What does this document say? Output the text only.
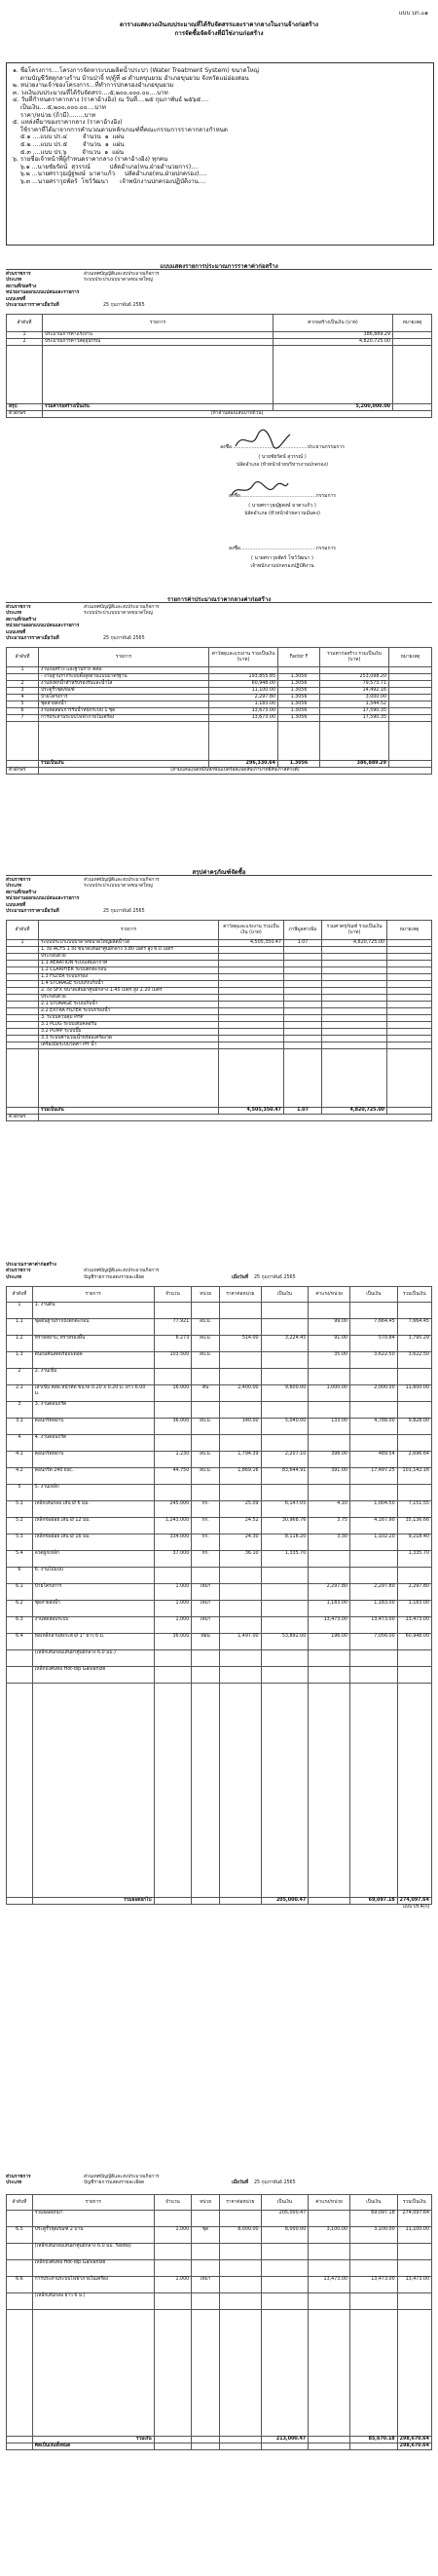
แบบ บก.๐๑
ตารางแสดงวงเงินงบประมาณที่ได้รับจัดสรรและราคากลางในงานจ้างก่อสร้าง
การจัดซื้อจัดจ้างที่มิใช่งานก่อสร้าง
๑. ชื่อโครงการ....โครงการจัดหาระบบผลิตน้ำประปา (Water Treatment System) ขนาดใหญ่
ตามบัญชีวัสดุกลางร้าน บ้านป่าจิ้ ท/ตู้ที่ ๘ ตำบลขุนยวม อำเภอขุนยวม จังหวัดแม่ฮ่องสอน
๒. หน่วยงานเจ้าของโครงการ...ที่ทำการปกครองอำเภอขุนยวม
๓. วงเงินงบประมาณที่ได้รับจัดสรร....๕,๒๐๐,๐๐๐.๐๐....บาท
๔. วันที่กำหนดราคากลาง (ราคาอ้างอิง) ณ วันที่....๒๕ กุมภาพันธ์ ๒๕๖๕....
เป็นเงิน....๕,๒๐๐,๐๐๐.๐๐....บาท
ราคา/หน่วย (ถ้ามี)........บาท
๕. แหล่งที่มาของราคากลาง (ราคาอ้างอิง)
ใช้ราคาที่ได้มาจากการคำนวณตามหลักเกณฑ์ที่คณะกรรมการราคากลางกำหนด
๕.๑ ....แบบ ปร.๔        จำนวน  ๑  แผ่น
๕.๒ ....แบบ ปร.๕        จำนวน  ๑  แผ่น
๕.๓ ....แบบ ปร.๖        จำนวน  ๑  แผ่น
๖. รายชื่อเจ้าหน้าที่ผู้กำหนดราคากลาง (ราคาอ้างอิง) ทุกคน
๖.๑ ...นายชัยรัตน์  สุวรรณ์          ปลัดอำเภอ(หน.ฝ่ายอำนวยการ)....
๖.๒ ...นายศราวุธญัฐพงษ์  มาตาแก้ว     ปลัดอำเภอ(หน.ฝ่ายปกครอง)....
๖.๓ ...นายศราวุธพัตร์  โชว์วัฒนา      เจ้าพนักงานปกครองปฏิบัติงาน....
แบบแสดงรายการประมาณการราคาค่าก่อสร้าง
ส่วนราชการ	ส่วนเทศบัญญัติและงบประมาณกิจการ
ประเภท	ระบบประปาแบบบาดาลขนาดใหญ่
สถานที่ก่อสร้าง
หน่วยงานออกแบบแปลนและรายการ
แบบเลขที่
ประมาณการราคาเมื่อวันที่	25 กุมภาพันธ์ 2565
ลำดับที่	รายการ	ค่าก่อสร้างเป็นเงิน (บาท)	หมายเหตุ
1	ประมาณการค่าแรงงาน	386,889.29	
2	ประมาณการค่าวัสดุอุปกรณ์	4,820,725.00	

สรุป	รวมค่าก่อสร้างเป็นเงิน	5,200,000.00	
ตัวอักษร	(ห้าล้านสองแสนบาทถ้วน)		
ลงชื่อ.................................................ประธานกรรมการ
( นายชัยรัตน์ สุวรรณ์ )
ปลัดอำเภอ (หัวหน้าฝ่ายบริหารงานปกครอง)
ลงชื่อ.................................................กรรมการ
( นายศราวุธญัฐพงษ์ มาตาแก้ว )
ปลัดอำเภอ (หัวหน้าฝ่ายความมั่นคง)
ลงชื่อ.................................................กรรมการ
( นายศราวุธพัตร์ โชว์วัฒนา )
เจ้าพนักงานปกครองปฏิบัติงาน
รายการค่าประมาณราคากลางค่าก่อสร้าง
ส่วนราชการ	ส่วนเทศบัญญัติและงบประมาณกิจการ
ประเภท	ระบบประปาแบบบาดาลขนาดใหญ่
สถานที่ก่อสร้าง
หน่วยงานออกแบบแปลนและรายการ
แบบเลขที่
ประมาณการราคาเมื่อวันที่	25 กุมภาพันธ์ 2565
ลำดับที่	รายการ	ค่าวัสดุและแรงงาน รวมเป็นเงิน (บาท)	Factor F	รวมค่าก่อสร้าง รวมเป็นเงิน (บาท)	หมายเหตุ
1	งานก่อสร้าง และฐานราก คสล.				
	- งานฐานรากระบบตั้งสูงตามแบบมาตรฐาน	193,855.85	1.3056	253,098.20	
2	งานถังพักน้ำสำหรับรองรับและน้ำใส	60,948.00	1.3056	79,573.71	
3	ประตูรั้วชุดภัณฑ์	11,100.00	1.3056	14,492.16	
4	ป้ายโครงการ	2,297.80	1.3056	3,000.00	
5	ชุดสายส่งน้ำ	1,183.00	1.3056	1,544.52	
6	งานทดสอบการรับน้ำหนักระบบ 1 ชุด	13,673.00	1.3056	17,590.35	
7	การประสานระบบไฟฟ้าภายในเครื่อง	13,673.00	1.3056	17,590.35	

	รวมเป็นเงิน	296,330.64	1.3056	386,889.29	
ตัวอักษร	(สามแสนแปดหมื่นหกพันแปดร้อยแปดสิบเก้าบาทยี่สิบเก้าสตางค์)				
สรุปค่าครุภัณฑ์จัดซื้อ
ส่วนราชการ	ส่วนเทศบัญญัติและงบประมาณกิจการ
ประเภท	ระบบประปาแบบบาดาลขนาดใหญ่
สถานที่ก่อสร้าง
หน่วยงานออกแบบแปลนและรายการ
แบบเลขที่
ประมาณการราคาเมื่อวันที่	25 กุมภาพันธ์ 2565
ลำดับที่	รายการ	ค่าวัสดุและแรงงาน รวมเป็นเงิน (บาท)	ภาษีมูลค่าเพิ่ม	รวมค่าครุภัณฑ์ รวมเป็นเงิน (บาท)	หมายเหตุ
1	ระบบประปาแบบบาดาลขนาดใหญ่ผลิตน้ำได้	4,505,350.47	1.07	4,820,725.00	
	1. ถัง ACFS 1 ถัง ขนาดเส้นผ่าศูนย์กลาง 3.80 เมตร สูง 6.0 เมตร				
	ประกอบด้วย				
	1.1 AERATION ระบบเติมอากาศ				
	1.2 CLARIFIER ระบบตกตะกอน				
	1.3 FILTER ระบบกรอง				
	1.4 STORAGE ระบบกักเก็บน้ำ				
	2. ถัง SFX ขนาดเส้นผ่าศูนย์กลาง 1.45 เมตร สูง 2.20 เมตร				
	ประกอบด้วย				
	2.1 STORAGE ระบบเก็บน้ำ				
	2.2 EXTRA FILTER ระบบกรองน้ำ				
	3. ระบบควบคุม PHP				
	3.1 PLUG ระบบเติมคลอรีน				
	3.2 PUMP ระบบปั๊ม				
	3.3 ระบบคำนวณน้ำพร้อมเครื่องวัด				
	เครื่องมือระบบวัดค่า PH น้ำ				

	รวมเป็นเงิน	4,505,350.47	1.07	4,820,725.00	
ตัวอักษร					
ประมาณราคาค่าก่อสร้าง
ส่วนราชการ	ส่วนเทศบัญญัติและงบประมาณกิจการ
ประเภท	บัญชีรายการแสดงรายละเอียด	เมื่อวันที่ 25 กุมภาพันธ์ 2565
ลำดับที่	รายการ	จำนวน	หน่วย	ราคาต่อหน่วย	เป็นเงิน	ค่าแรง/หน่วย	เป็นเงิน	รวมเป็นเงิน
1	1. งานดิน							
1.1	ขุดดินฐานรากถังตกตะกอน	77.921	ลบ.ม.			99.00	7,664.45	7,664.45
1.2	ทรายหยาบ, ทรายรองพื้น	6.273	ลบ.ม.	514.00	3,224.45	91.00	570.84	3,795.29
1.3	ดินถมคืนสดพร้อมบดอัด	103.500	ลบ.ม.			35.00	3,622.50	3,622.50
2	2. งานเข็ม							
2.1	เสาเข็ม คสล.หน้าตัด ขนาด 0.20 x 0.20 ม. ยาว 6.00 ม.	16.000	ต้น	2,400.00	9,600.00	1,000.00	2,000.00	11,600.00
3	3. งานคอนกรีต							
3.1	คอนกรีตหยาบ	36.000	ลบ.ม.	140.00	5,040.00	133.00	4,788.00	9,828.00
4	4. งานคอนกรีต							
4.1	คอนกรีตหยาบ	1.230	ลบ.ม.	1,794.39	2,207.10	398.00	489.54	2,696.64
4.2	คอนกรีต 240 ksc.	44.750	ลบ.ม.	1,869.16	83,644.91	391.00	17,497.25	101,142.16
5	5. งานเหล็ก							
5.1	เหล็กเส้นกลม เส้น Ø 6 มม.	245.000	กก.	25.09	6,147.05	4.10	1,004.50	7,151.55
5.2	เหล็กข้ออ้อย เส้น Ø 12 มม.	1,243.000	กก.	24.52	30,968.76	3.75	4,167.90	35,136.66
5.3	เหล็กข้ออ้อย เส้น Ø 16 มม.	334.000	กก.	24.30	8,116.20	3.30	1,102.20	9,218.40
5.4	ลวดผูกเหล็ก	37.000	กก.	36.10	1,335.70			1,335.70
6	6. งานไม้แบบ							
6.1	ป้ายโครงการ	1.000	เหมา			2,297.80	2,297.80	2,297.80
6.2	ชุดสายส่งน้ำ	1.000	เหมา			1,183.00	1,183.00	1,183.00
6.3	งานทดสอบระบบ	1.000	เหมา			13,473.00	13,473.00	13,473.00
6.4	ท่อเหล็กอาบสังกะสี Ø 1" ยาว 6 ม.	36.000	ท่อน	1,497.00	53,892.00	196.00	7,056.00	60,948.00
	(เหล็กเส้นกลมเส้นผ่าศูนย์กลาง 6.0 มม.)							
	เหล็กบังคับท่อ Hot-dip Galvanize							

	รวมยอดยกไป				205,000.47		69,097.18	274,097.64
แบบ ปร.4(ก)								
ส่วนราชการ	ส่วนเทศบัญญัติและงบประมาณกิจการ
ประเภท	บัญชีรายการแสดงรายละเอียด	เมื่อวันที่ 25 กุมภาพันธ์ 2565
ลำดับที่	รายการ	จำนวน	หน่วย	ราคาต่อหน่วย	เป็นเงิน	ค่าแรง/หน่วย	เป็นเงิน	รวมเป็นเงิน
	รวมยอดยกมา				205,000.47		69,097.18	274,097.64
6.5	ประตูรั้วชุดภัณฑ์ 2 บาน	1.000	ชุด	8,000.00	8,000.00	3,100.00	3,100.00	11,100.00
	(เหล็กเส้นกลมเส้นผ่าศูนย์กลาง 6.0 มม. ร้อยท่อ)							
	เหล็กบังคับท่อ Hot-dip Galvanize							
6.6	การประสานระบบไฟฟ้าภายในเครื่อง	1.000	เหมา			13,473.00	13,473.00	13,473.00
	(เหล็กเส้นกลม ยาว 6 ม.)							

	รวมเงิน				213,000.47		85,670.18	298,670.64
	คิดเป็นเงินทั้งหมด							298,670.64
